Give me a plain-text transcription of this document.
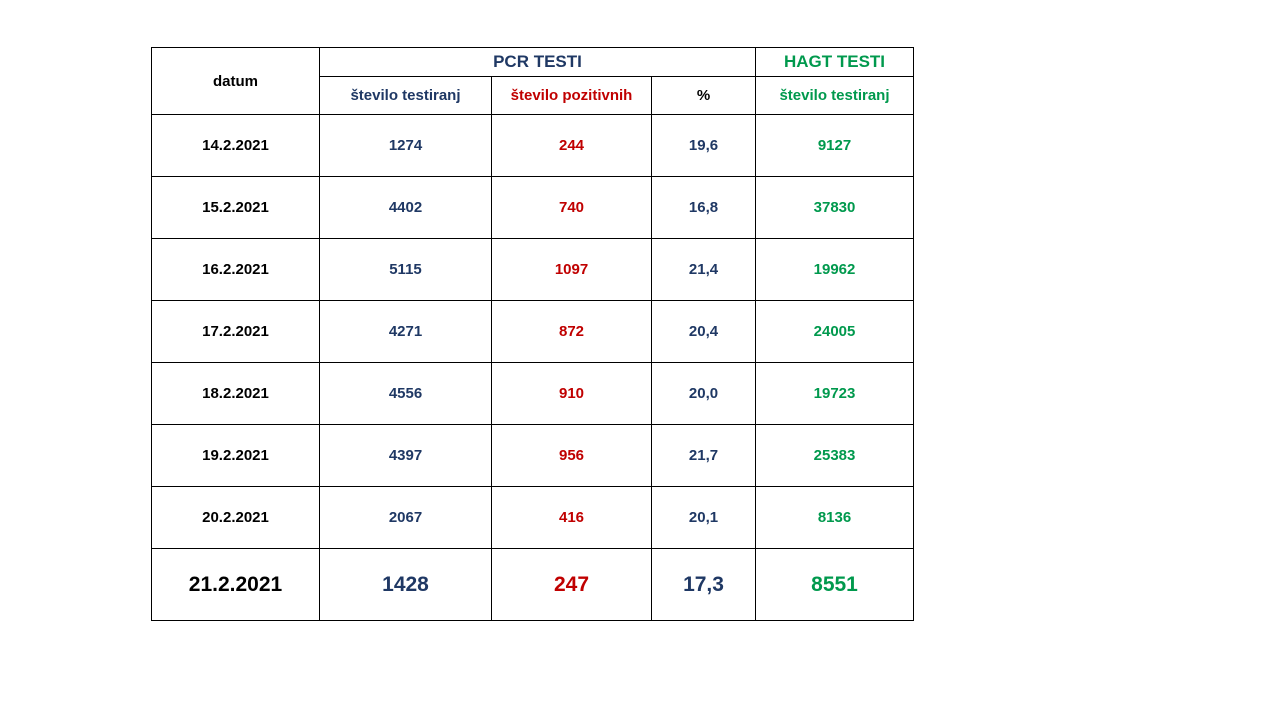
datum	PCR TESTI			HAGT TESTI
	število testiranj	število pozitivnih	%	število testiranj
14.2.2021	1274	244	19,6	9127
15.2.2021	4402	740	16,8	37830
16.2.2021	5115	1097	21,4	19962
17.2.2021	4271	872	20,4	24005
18.2.2021	4556	910	20,0	19723
19.2.2021	4397	956	21,7	25383
20.2.2021	2067	416	20,1	8136
21.2.2021	1428	247	17,3	8551
